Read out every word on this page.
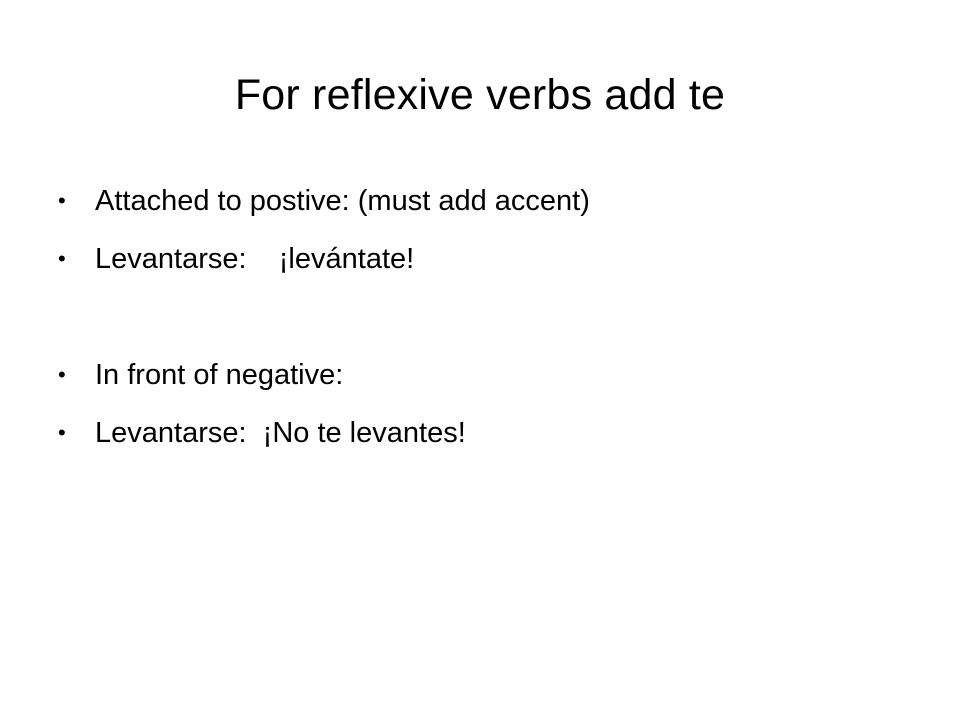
For reflexive verbs add te
• Attached to postive: (must add accent)
• Levantarse:    ¡levántate!
• In front of negative:
• Levantarse:  ¡No te levantes!
